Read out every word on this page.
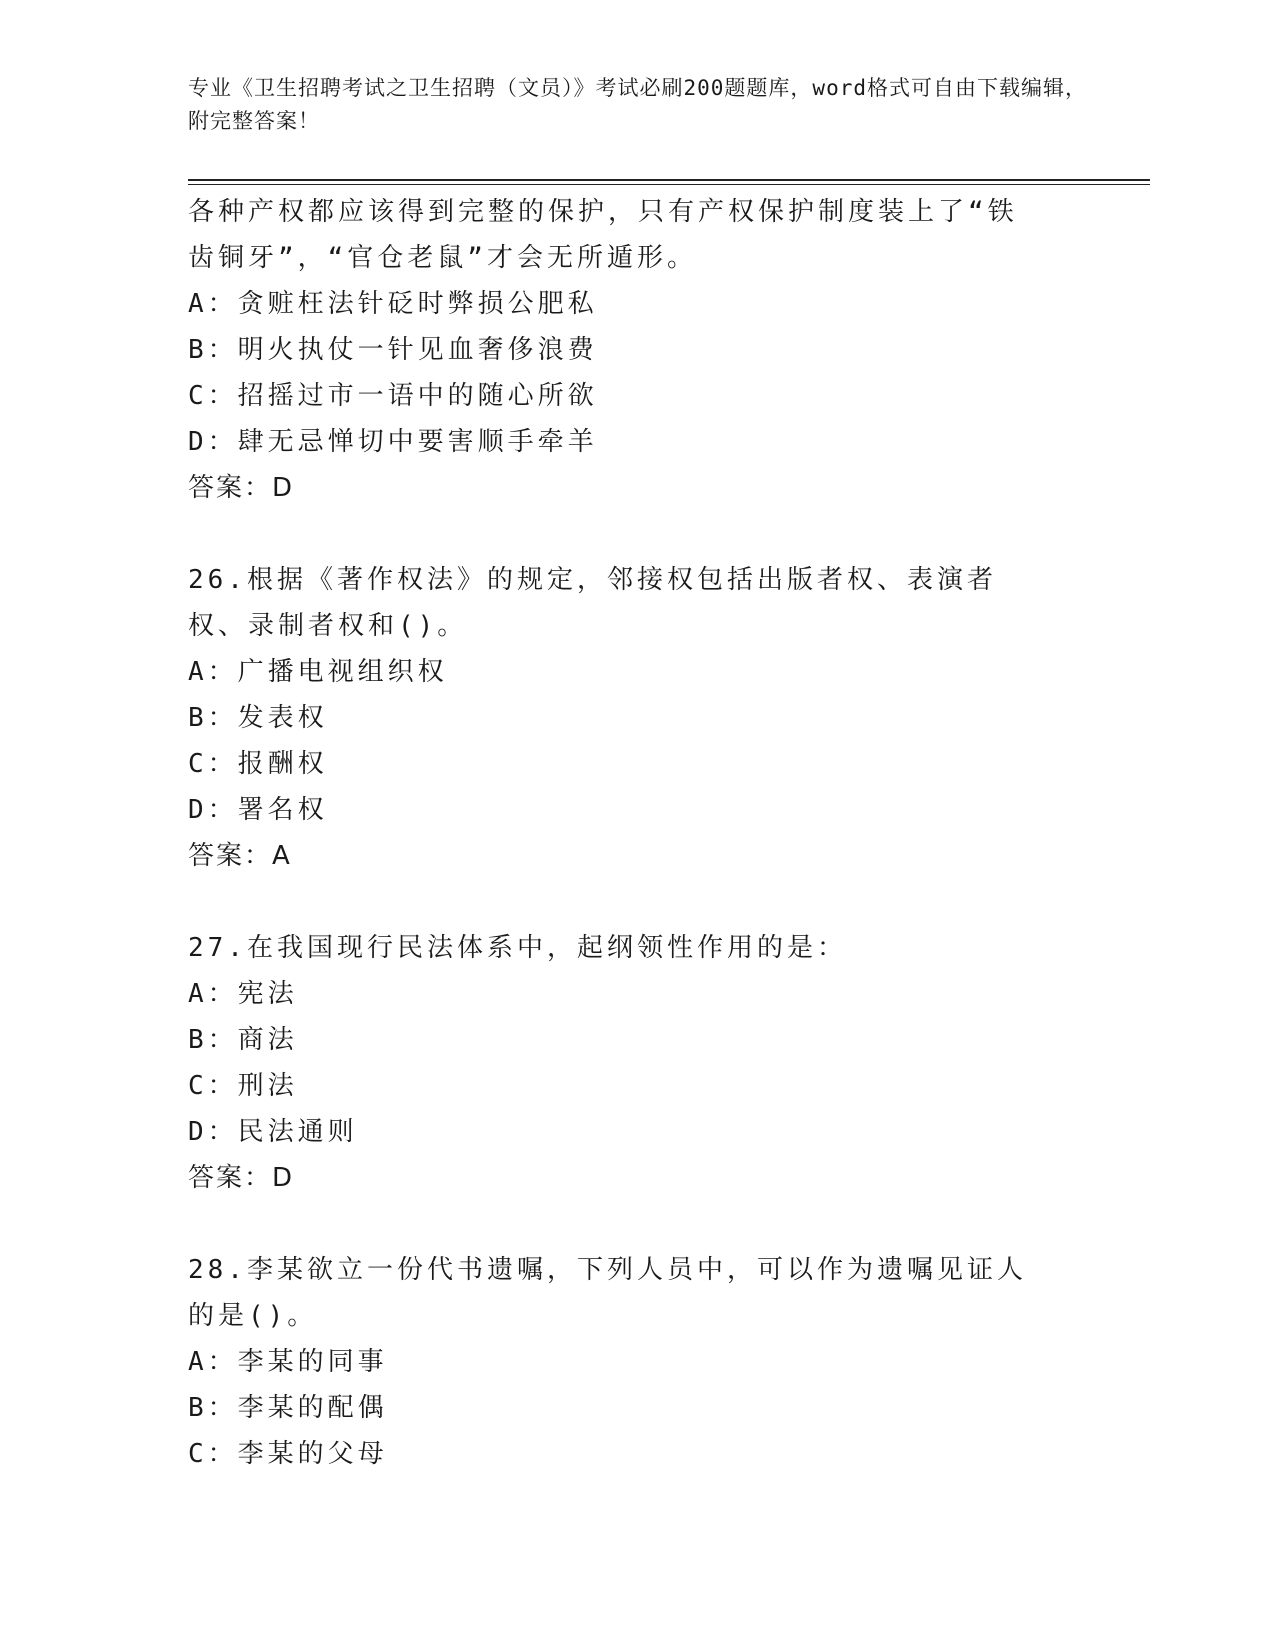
专业《卫生招聘考试之卫生招聘（文员）》考试必刷200题题库，word格式可自由下载编辑，附完整答案！
各种产权都应该得到完整的保护，只有产权保护制度装上了“铁齿铜牙”，“官仓老鼠”才会无所遁形。
A：贪赃枉法针砭时弊损公肥私
B：明火执仗一针见血奢侈浪费
C：招摇过市一语中的随心所欲
D：肆无忌惮切中要害顺手牵羊
答案：D
26.根据《著作权法》的规定，邻接权包括出版者权、表演者权、录制者权和()。
A：广播电视组织权
B：发表权
C：报酬权
D：署名权
答案：A
27.在我国现行民法体系中，起纲领性作用的是：
A：宪法
B：商法
C：刑法
D：民法通则
答案：D
28.李某欲立一份代书遗嘱，下列人员中，可以作为遗嘱见证人的是()。
A：李某的同事
B：李某的配偶
C：李某的父母
